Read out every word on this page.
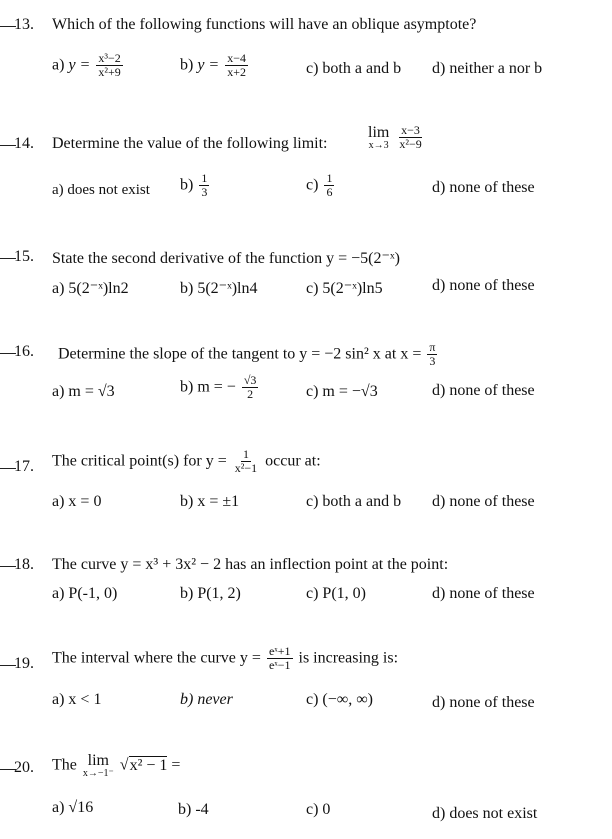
13. Which of the following functions will have an oblique asymptote?
a) $y = \frac{\text{x³−2}}{\text{x²+9}}$	b) $y = \frac{x-4}{x+2}$	c) both a and b d) neither a nor b
14. Determine the value of the following limit:
lim
x→3
$\frac{x-3}{\text{x²−9}}$
a) does not exist $b) \frac{1}{3}$	$c) \frac{1}{6}$	d) none of these
15. State the second derivative of the function y = −5(2⁻ˣ)
a) 5(2⁻ˣ)ln2	b) 5(2⁻ˣ)ln4	c) 5(2⁻ˣ)ln5	d) none of these
16. Determine the slope of the tangent to y = −2 sin² x at $x = \frac{\pi}{3}$
a) m = √3	b) m = − $\frac{√3}{2}$	c) m = −√3	d) none of these
17. The critical point(s) for $y = \frac{1}{\text{x²−1}}$ occur at:
a) x = 0	b) x = ±1	c) both a and b d) none of these
18. The curve y = x³ + 3x² − 2 has an inflection point at the point:
a) P(-1, 0)	b) P(1, 2)	c) P(1, 0)	d) none of these
19. The interval where the curve $y = \frac{\text{eˣ+1}}{\text{eˣ−1}}$ is increasing is:
a) x < 1	b) never	c) (−∞, ∞)	d) none of these
20. The lim
x→−1⁻ √x² − 1 =
a) √16	b) -4	c) 0	d) does not exist
